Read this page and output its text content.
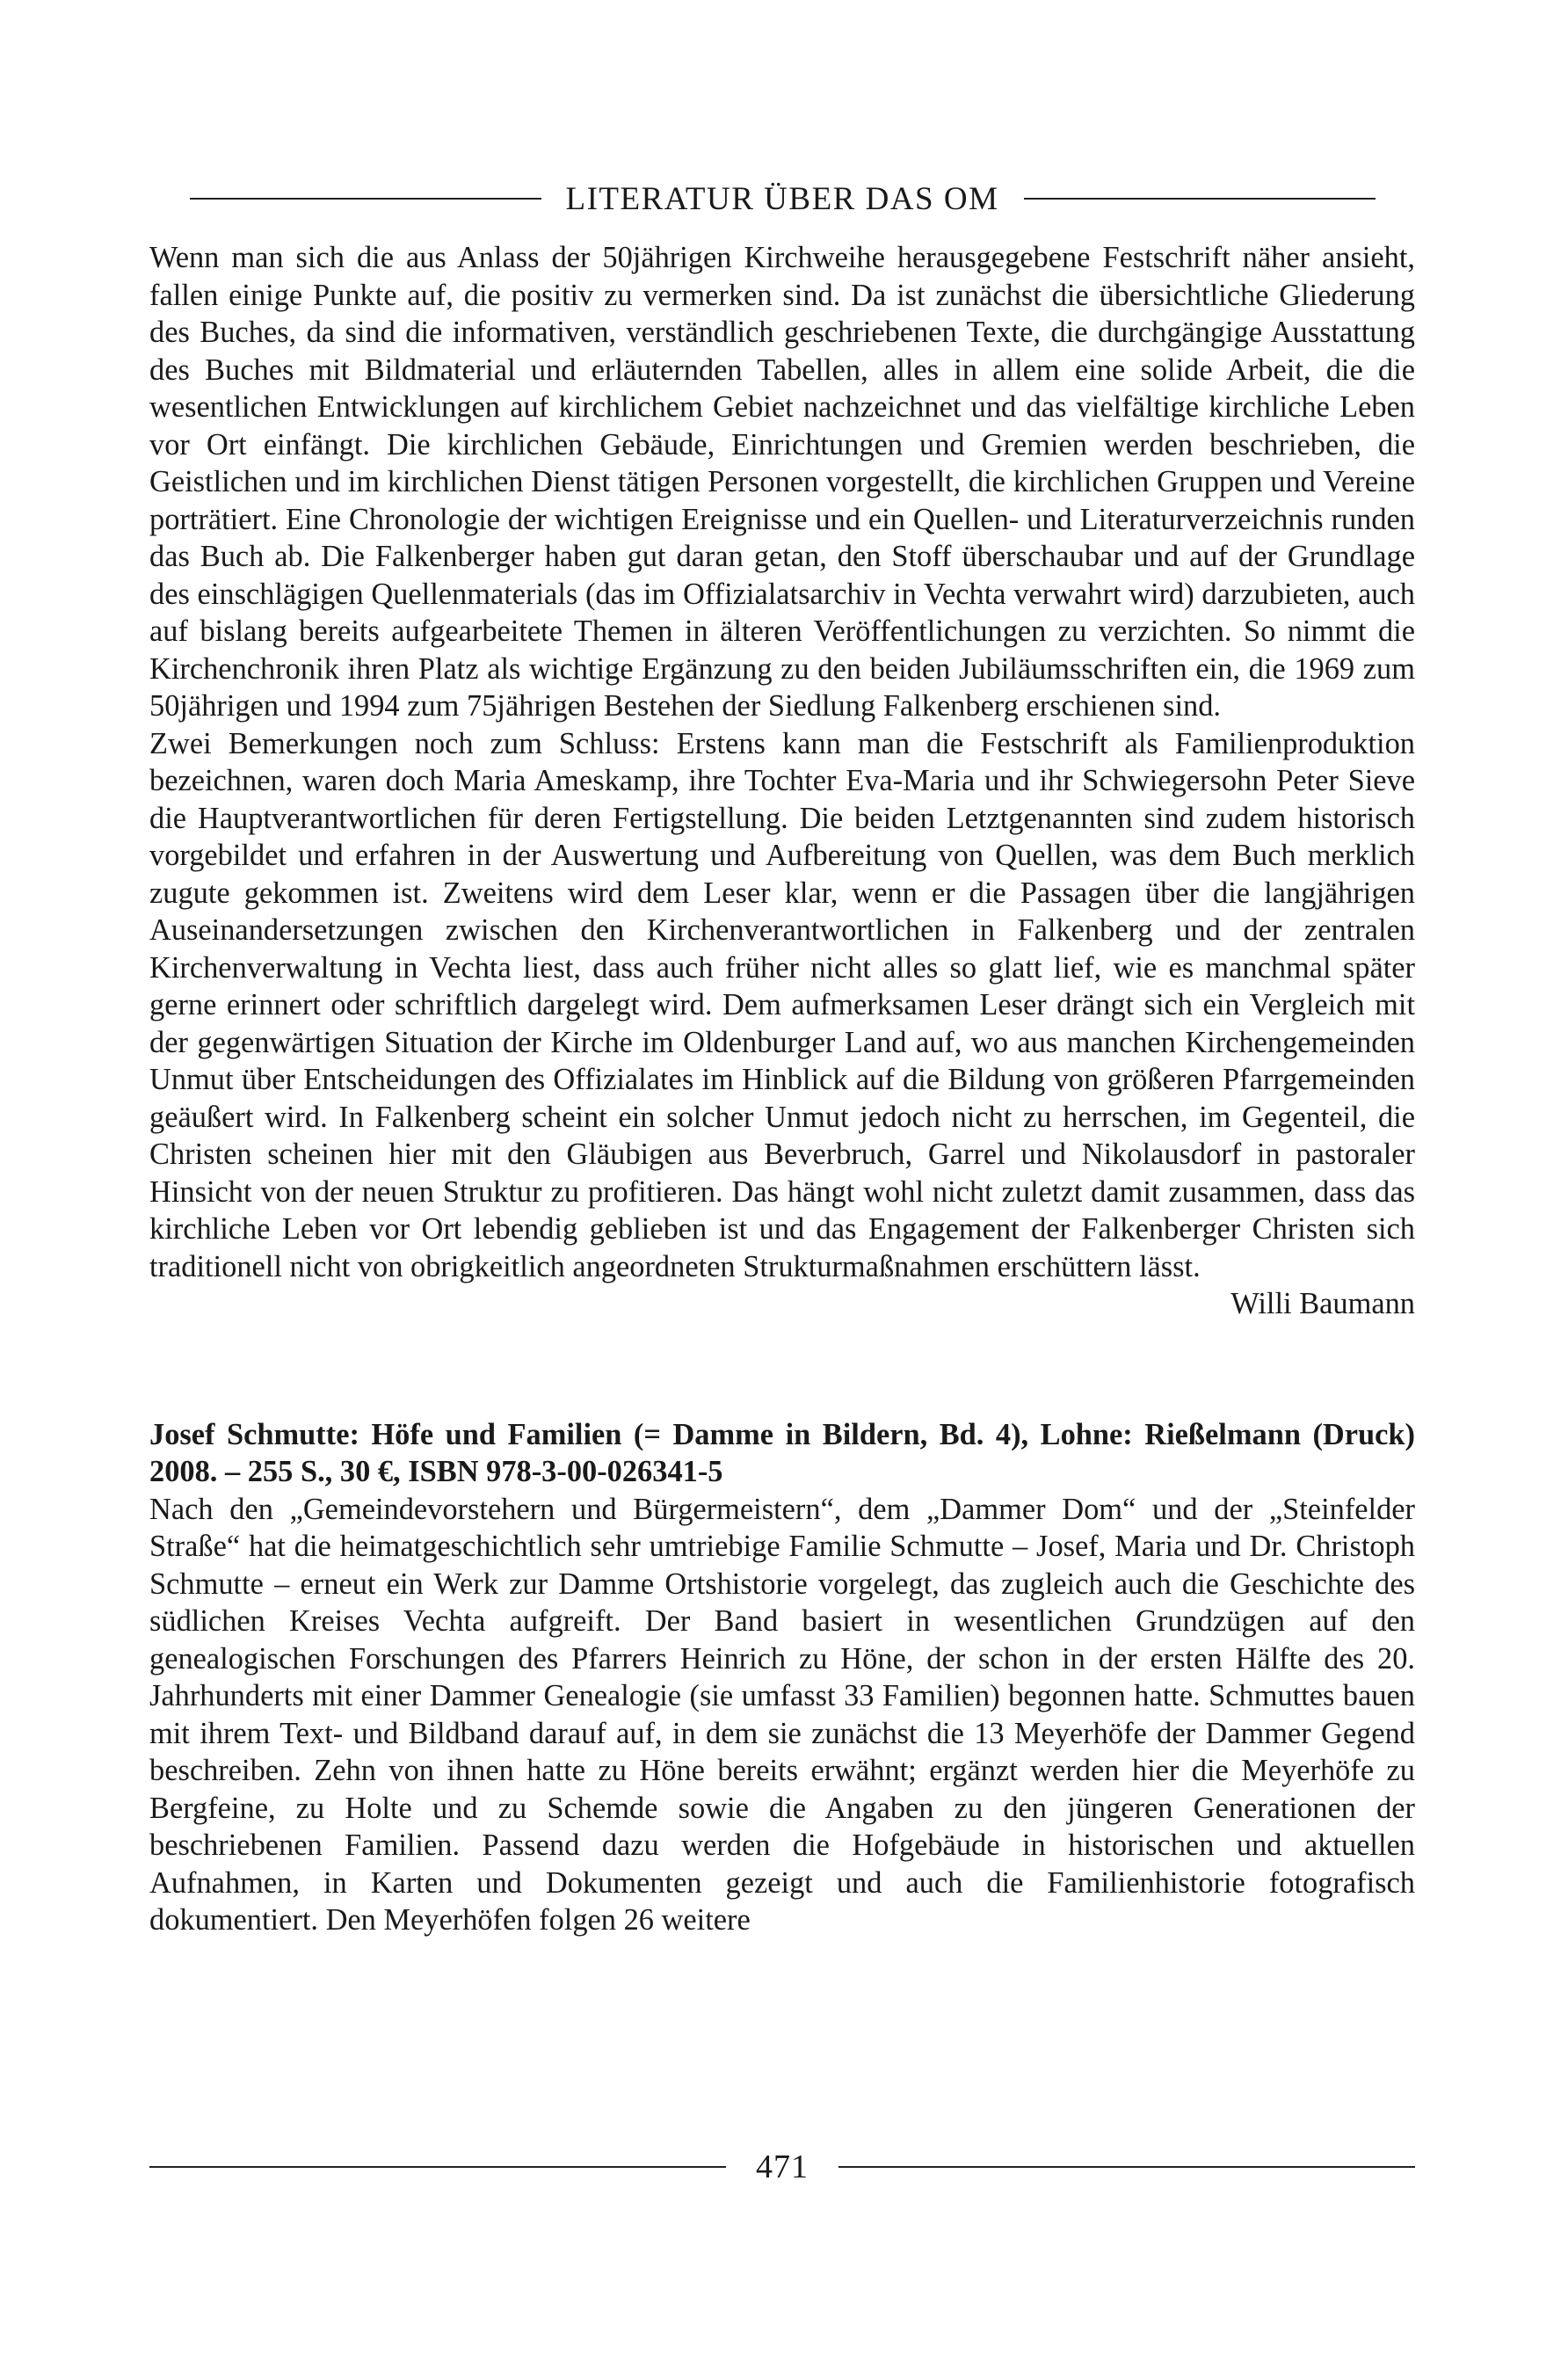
LITERATUR ÜBER DAS OM

Wenn man sich die aus Anlass der 50jährigen Kirchweihe herausgegebene Festschrift näher ansieht, fallen einige Punkte auf, die positiv zu vermerken sind. Da ist zunächst die übersichtliche Gliederung des Buches, da sind die informativen, verständlich geschriebenen Texte, die durchgängige Ausstattung des Buches mit Bildmaterial und erläuternden Tabellen, alles in allem eine solide Arbeit, die die wesentlichen Entwicklungen auf kirchlichem Gebiet nachzeichnet und das vielfältige kirchliche Leben vor Ort einfängt. Die kirchlichen Gebäude, Einrichtungen und Gremien werden beschrieben, die Geistlichen und im kirchlichen Dienst tätigen Personen vorgestellt, die kirchlichen Gruppen und Vereine porträtiert. Eine Chronologie der wichtigen Ereignisse und ein Quellen- und Literaturverzeichnis runden das Buch ab. Die Falkenberger haben gut daran getan, den Stoff überschaubar und auf der Grundlage des einschlägigen Quellenmaterials (das im Offizialatsarchiv in Vechta verwahrt wird) darzubieten, auch auf bislang bereits aufgearbeitete Themen in älteren Veröffentlichungen zu verzichten. So nimmt die Kirchenchronik ihren Platz als wichtige Ergänzung zu den beiden Jubiläumsschriften ein, die 1969 zum 50jährigen und 1994 zum 75jährigen Bestehen der Siedlung Falkenberg erschienen sind.

Zwei Bemerkungen noch zum Schluss: Erstens kann man die Festschrift als Familienproduktion bezeichnen, waren doch Maria Ameskamp, ihre Tochter Eva-Maria und ihr Schwiegersohn Peter Sieve die Hauptverantwortlichen für deren Fertigstellung. Die beiden Letztgenannten sind zudem historisch vorgebildet und erfahren in der Auswertung und Aufbereitung von Quellen, was dem Buch merklich zugute gekommen ist. Zweitens wird dem Leser klar, wenn er die Passagen über die langjährigen Auseinandersetzungen zwischen den Kirchenverantwortlichen in Falkenberg und der zentralen Kirchenverwaltung in Vechta liest, dass auch früher nicht alles so glatt lief, wie es manchmal später gerne erinnert oder schriftlich dargelegt wird. Dem aufmerksamen Leser drängt sich ein Vergleich mit der gegenwärtigen Situation der Kirche im Oldenburger Land auf, wo aus manchen Kirchengemeinden Unmut über Entscheidungen des Offizialates im Hinblick auf die Bildung von größeren Pfarrgemeinden geäußert wird. In Falkenberg scheint ein solcher Unmut jedoch nicht zu herrschen, im Gegenteil, die Christen scheinen hier mit den Gläubigen aus Beverbruch, Garrel und Nikolausdorf in pastoraler Hinsicht von der neuen Struktur zu profitieren. Das hängt wohl nicht zuletzt damit zusammen, dass das kirchliche Leben vor Ort lebendig geblieben ist und das Engagement der Falkenberger Christen sich traditionell nicht von obrigkeitlich angeordneten Strukturmaßnahmen erschüttern lässt.

Willi Baumann

Josef Schmutte: Höfe und Familien (= Damme in Bildern, Bd. 4), Lohne: Rießelmann (Druck) 2008. – 255 S., 30 €, ISBN 978-3-00-026341-5

Nach den „Gemeindevorstehern und Bürgermeistern“, dem „Dammer Dom“ und der „Steinfelder Straße“ hat die heimatgeschichtlich sehr umtriebige Familie Schmutte – Josef, Maria und Dr. Christoph Schmutte – erneut ein Werk zur Damme Ortshistorie vorgelegt, das zugleich auch die Geschichte des südlichen Kreises Vechta aufgreift. Der Band basiert in wesentlichen Grundzügen auf den genealogischen Forschungen des Pfarrers Heinrich zu Höne, der schon in der ersten Hälfte des 20. Jahrhunderts mit einer Dammer Genealogie (sie umfasst 33 Familien) begonnen hatte. Schmuttes bauen mit ihrem Text- und Bildband darauf auf, in dem sie zunächst die 13 Meyerhöfe der Dammer Gegend beschreiben. Zehn von ihnen hatte zu Höne bereits erwähnt; ergänzt werden hier die Meyerhöfe zu Bergfeine, zu Holte und zu Schemde sowie die Angaben zu den jüngeren Generationen der beschriebenen Familien. Passend dazu werden die Hofgebäude in historischen und aktuellen Aufnahmen, in Karten und Dokumenten gezeigt und auch die Familienhistorie fotografisch dokumentiert. Den Meyerhöfen folgen 26 weitere

471
